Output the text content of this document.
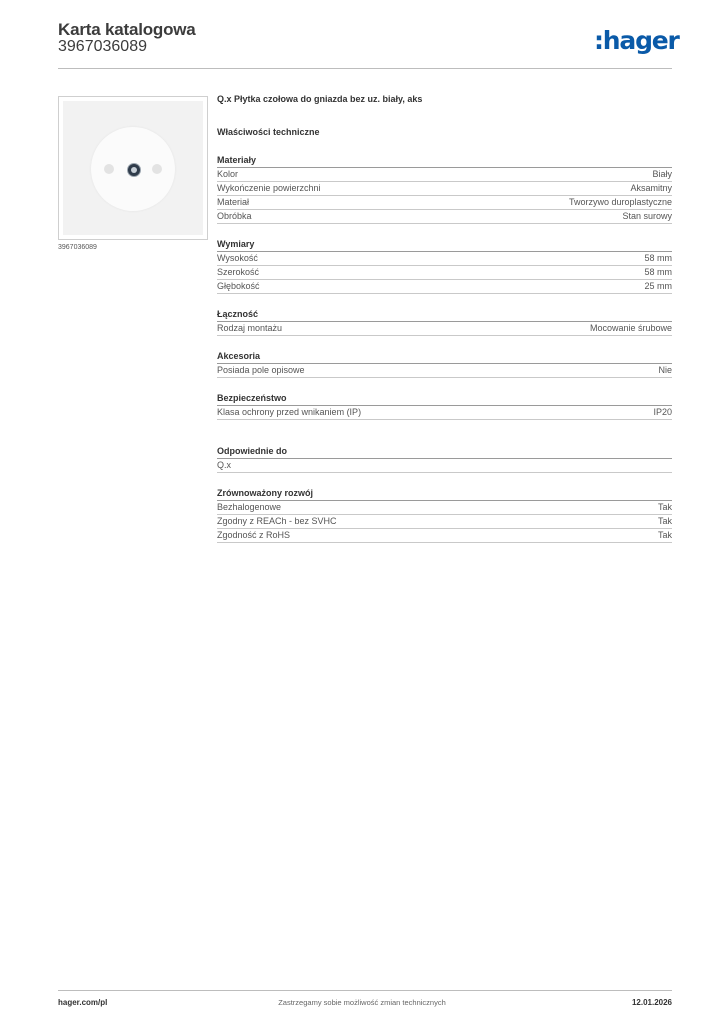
Karta katalogowa
3967036089	:hager
3967036089
Q.x Płytka czołowa do gniazda bez uz. biały, aks
Właściwości techniczne
Materiały
Kolor	Biały
Wykończenie powierzchni	Aksamitny
Materiał	Tworzywo duroplastyczne
Obróbka	Stan surowy
Wymiary
Wysokość	58 mm
Szerokość	58 mm
Głębokość	25 mm
Łączność
Rodzaj montażu	Mocowanie śrubowe
Akcesoria
Posiada pole opisowe	Nie
Bezpieczeństwo
Klasa ochrony przed wnikaniem (IP)	IP20
Odpowiednie do
Q.x
Zrównoważony rozwój
Bezhalogenowe	Tak
Zgodny z REACh - bez SVHC	Tak
Zgodność z RoHS	Tak
hager.com/pl	Zastrzegamy sobie możliwość zmian technicznych	12.01.2026
